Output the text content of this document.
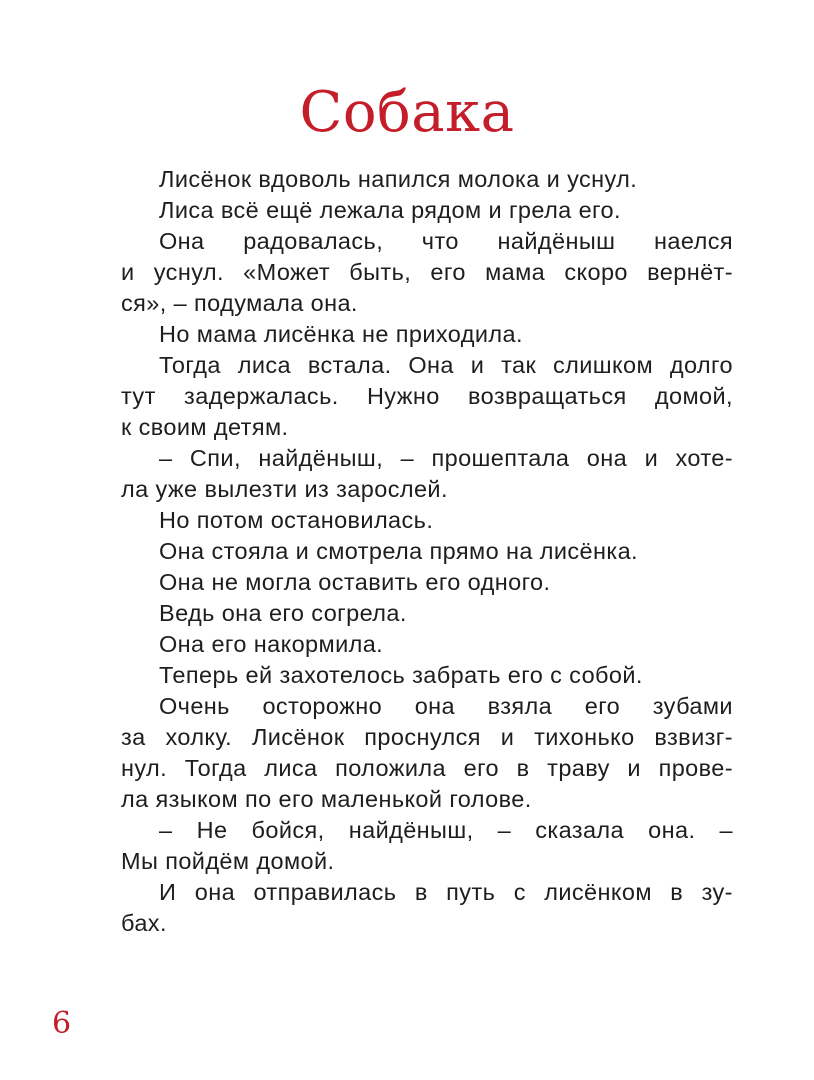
Собака
Лисёнок вдоволь напился молока и уснул.
Лиса всё ещё лежала рядом и грела его.
Она радовалась, что найдёныш наелся
и уснул. «Может быть, его мама скоро вернёт-
ся», – подумала она.
Но мама лисёнка не приходила.
Тогда лиса встала. Она и так слишком долго
тут задержалась. Нужно возвращаться домой,
к своим детям.
– Спи, найдёныш, – прошептала она и хоте-
ла уже вылезти из зарослей.
Но потом остановилась.
Она стояла и смотрела прямо на лисёнка.
Она не могла оставить его одного.
Ведь она его согрела.
Она его накормила.
Теперь ей захотелось забрать его с собой.
Очень осторожно она взяла его зубами
за холку. Лисёнок проснулся и тихонько взвизг-
нул. Тогда лиса положила его в траву и прове-
ла языком по его маленькой голове.
– Не бойся, найдёныш, – сказала она. –
Мы пойдём домой.
И она отправилась в путь с лисёнком в зу-
бах.
6
